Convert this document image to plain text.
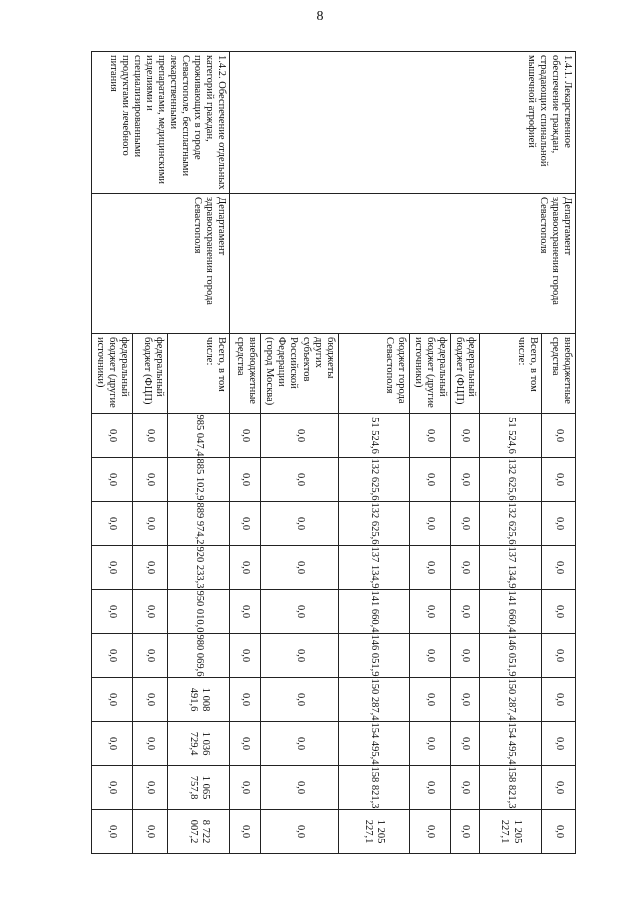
8
1.4.1. Лекарственное обеспечение граждан, страдающих спинальной мышечной атрофией	Департамент здравоохранения города Севастополя	внебюджетные средства	0,0	0,0	0,0	0,0	0,0	0,0	0,0	0,0	0,0	0,0
		Всего, в том числе:	51 524,6	132 625,6	132 625,6	137 134,9	141 660,4	146 051,9	150 287,4	154 495,4	158 821,3	1 205 227,1
		федеральный бюджет (ФЦП)	0,0	0,0	0,0	0,0	0,0	0,0	0,0	0,0	0,0	0,0
		федеральный бюджет (другие источники)	0,0	0,0	0,0	0,0	0,0	0,0	0,0	0,0	0,0	0,0
		бюджет города Севастополя	51 524,6	132 625,6	132 625,6	137 134,9	141 660,4	146 051,9	150 287,4	154 495,4	158 821,3	1 205 227,1
		бюджеты других субъектов Российской Федерации (город Москва)	0,0	0,0	0,0	0,0	0,0	0,0	0,0	0,0	0,0	0,0
		внебюджетные средства	0,0	0,0	0,0	0,0	0,0	0,0	0,0	0,0	0,0	0,0
1.4.2. Обеспечение отдельных категорий граждан, проживающих в городе Севастополе, бесплатными лекарственными препаратами, медицинскими изделиями и специализированными продуктами лечебного питания	Департамент здравоохранения города Севастополя	Всего, в том числе:	985 047,4	885 102,9	889 974,2	920 233,3	950 010,0	980 069,6	1 008 491,6	1 036 729,4	1 065 757,8	8 722 007,2
		федеральный бюджет (ФЦП)	0,0	0,0	0,0	0,0	0,0	0,0	0,0	0,0	0,0	0,0
		федеральный бюджет (другие источники)	0,0	0,0	0,0	0,0	0,0	0,0	0,0	0,0	0,0	0,0
